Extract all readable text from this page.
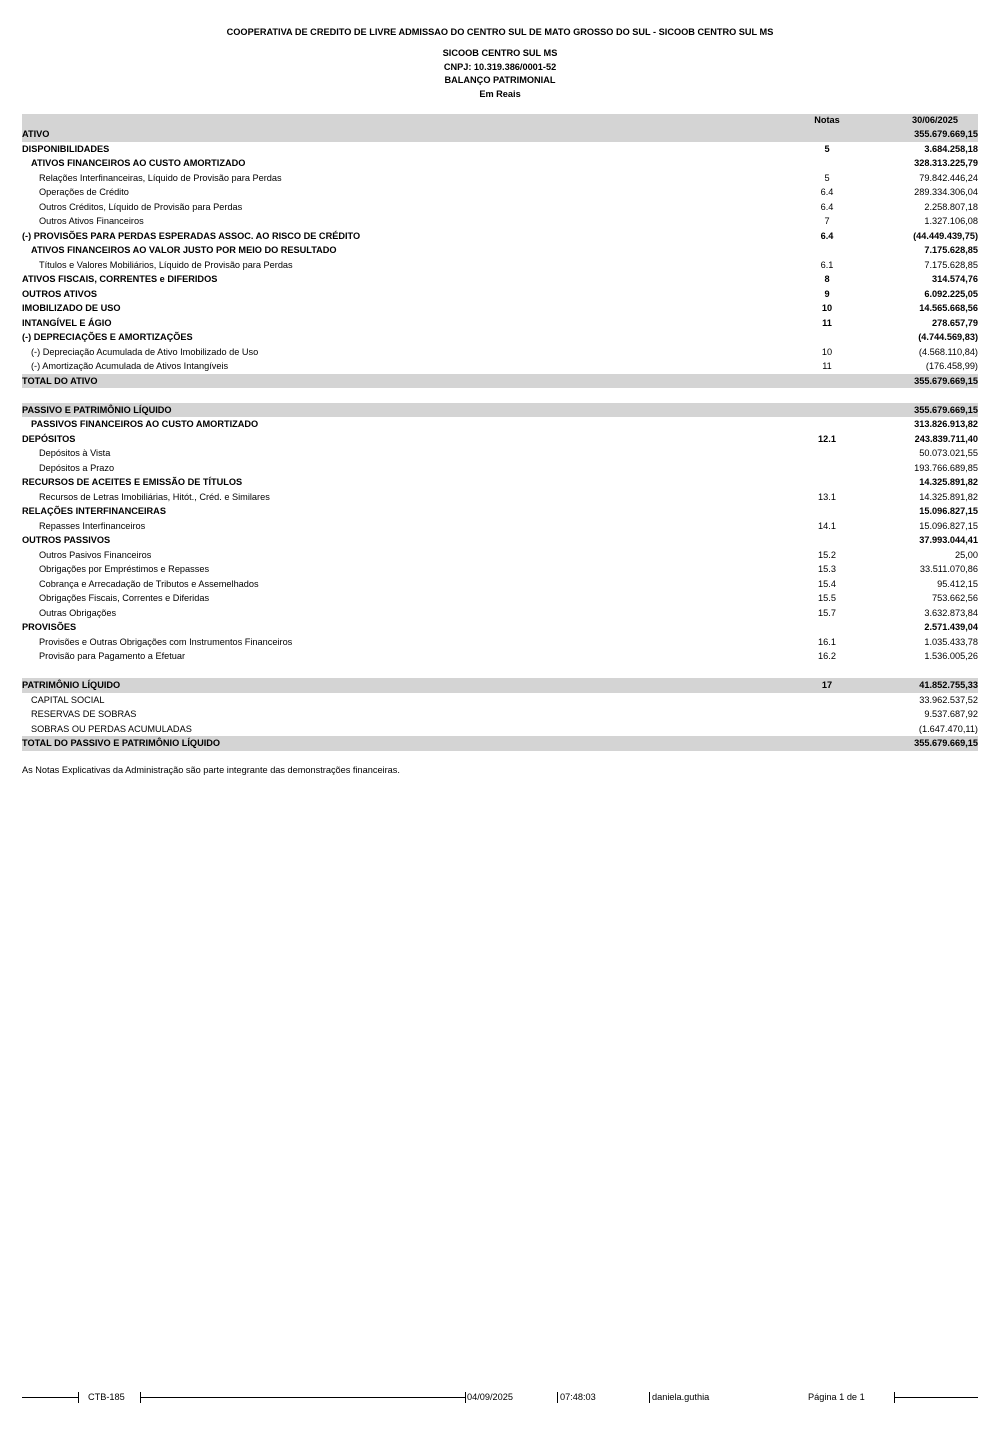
COOPERATIVA DE CREDITO DE LIVRE ADMISSAO DO CENTRO SUL DE MATO GROSSO DO SUL - SICOOB CENTRO SUL MS
SICOOB CENTRO SUL MS
CNPJ: 10.319.386/0001-52
BALANÇO PATRIMONIAL
Em Reais
Notas	30/06/2025
ATIVO	355.679.669,15
DISPONIBILIDADES	5	3.684.258,18
ATIVOS FINANCEIROS AO CUSTO AMORTIZADO	328.313.225,79
Relações Interfinanceiras, Líquido de Provisão para Perdas	5	79.842.446,24
Operações de Crédito	6.4	289.334.306,04
Outros Créditos, Líquido de Provisão para Perdas	6.4	2.258.807,18
Outros Ativos Financeiros	7	1.327.106,08
(-) PROVISÕES PARA PERDAS ESPERADAS ASSOC. AO RISCO DE CRÉDITO	6.4	(44.449.439,75)
ATIVOS FINANCEIROS AO VALOR JUSTO POR MEIO DO RESULTADO	7.175.628,85
Títulos e Valores Mobiliários, Líquido de Provisão para Perdas	6.1	7.175.628,85
ATIVOS FISCAIS, CORRENTES e DIFERIDOS	8	314.574,76
OUTROS ATIVOS	9	6.092.225,05
IMOBILIZADO DE USO	10	14.565.668,56
INTANGÍVEL E ÁGIO	11	278.657,79
(-) DEPRECIAÇÕES E AMORTIZAÇÕES	(4.744.569,83)
(-) Depreciação Acumulada de Ativo Imobilizado de Uso	10	(4.568.110,84)
(-) Amortização Acumulada de Ativos Intangíveis	11	(176.458,99)
TOTAL DO ATIVO	355.679.669,15
PASSIVO E PATRIMÔNIO LÍQUIDO	355.679.669,15
PASSIVOS FINANCEIROS AO CUSTO AMORTIZADO	313.826.913,82
DEPÓSITOS	12.1	243.839.711,40
Depósitos à Vista	50.073.021,55
Depósitos a Prazo	193.766.689,85
RECURSOS DE ACEITES E EMISSÃO DE TÍTULOS	14.325.891,82
Recursos de Letras Imobiliárias, Hitót., Créd. e Similares	13.1	14.325.891,82
RELAÇÕES INTERFINANCEIRAS	15.096.827,15
Repasses Interfinanceiros	14.1	15.096.827,15
OUTROS PASSIVOS	37.993.044,41
Outros Pasivos Financeiros	15.2	25,00
Obrigações por Empréstimos e Repasses	15.3	33.511.070,86
Cobrança e Arrecadação de Tributos e Assemelhados	15.4	95.412,15
Obrigações Fiscais, Correntes e Diferidas	15.5	753.662,56
Outras Obrigações	15.7	3.632.873,84
PROVISÕES	2.571.439,04
Provisões e Outras Obrigações com Instrumentos Financeiros	16.1	1.035.433,78
Provisão para Pagamento a Efetuar	16.2	1.536.005,26
PATRIMÔNIO LÍQUIDO	17	41.852.755,33
CAPITAL SOCIAL	33.962.537,52
RESERVAS DE SOBRAS	9.537.687,92
SOBRAS OU PERDAS ACUMULADAS	(1.647.470,11)
TOTAL DO PASSIVO E PATRIMÔNIO LÍQUIDO	355.679.669,15
As Notas Explicativas da Administração são parte integrante das demonstrações financeiras.
CTB-185	04/09/2025	07:48:03	daniela.guthia	Página 1 de 1
